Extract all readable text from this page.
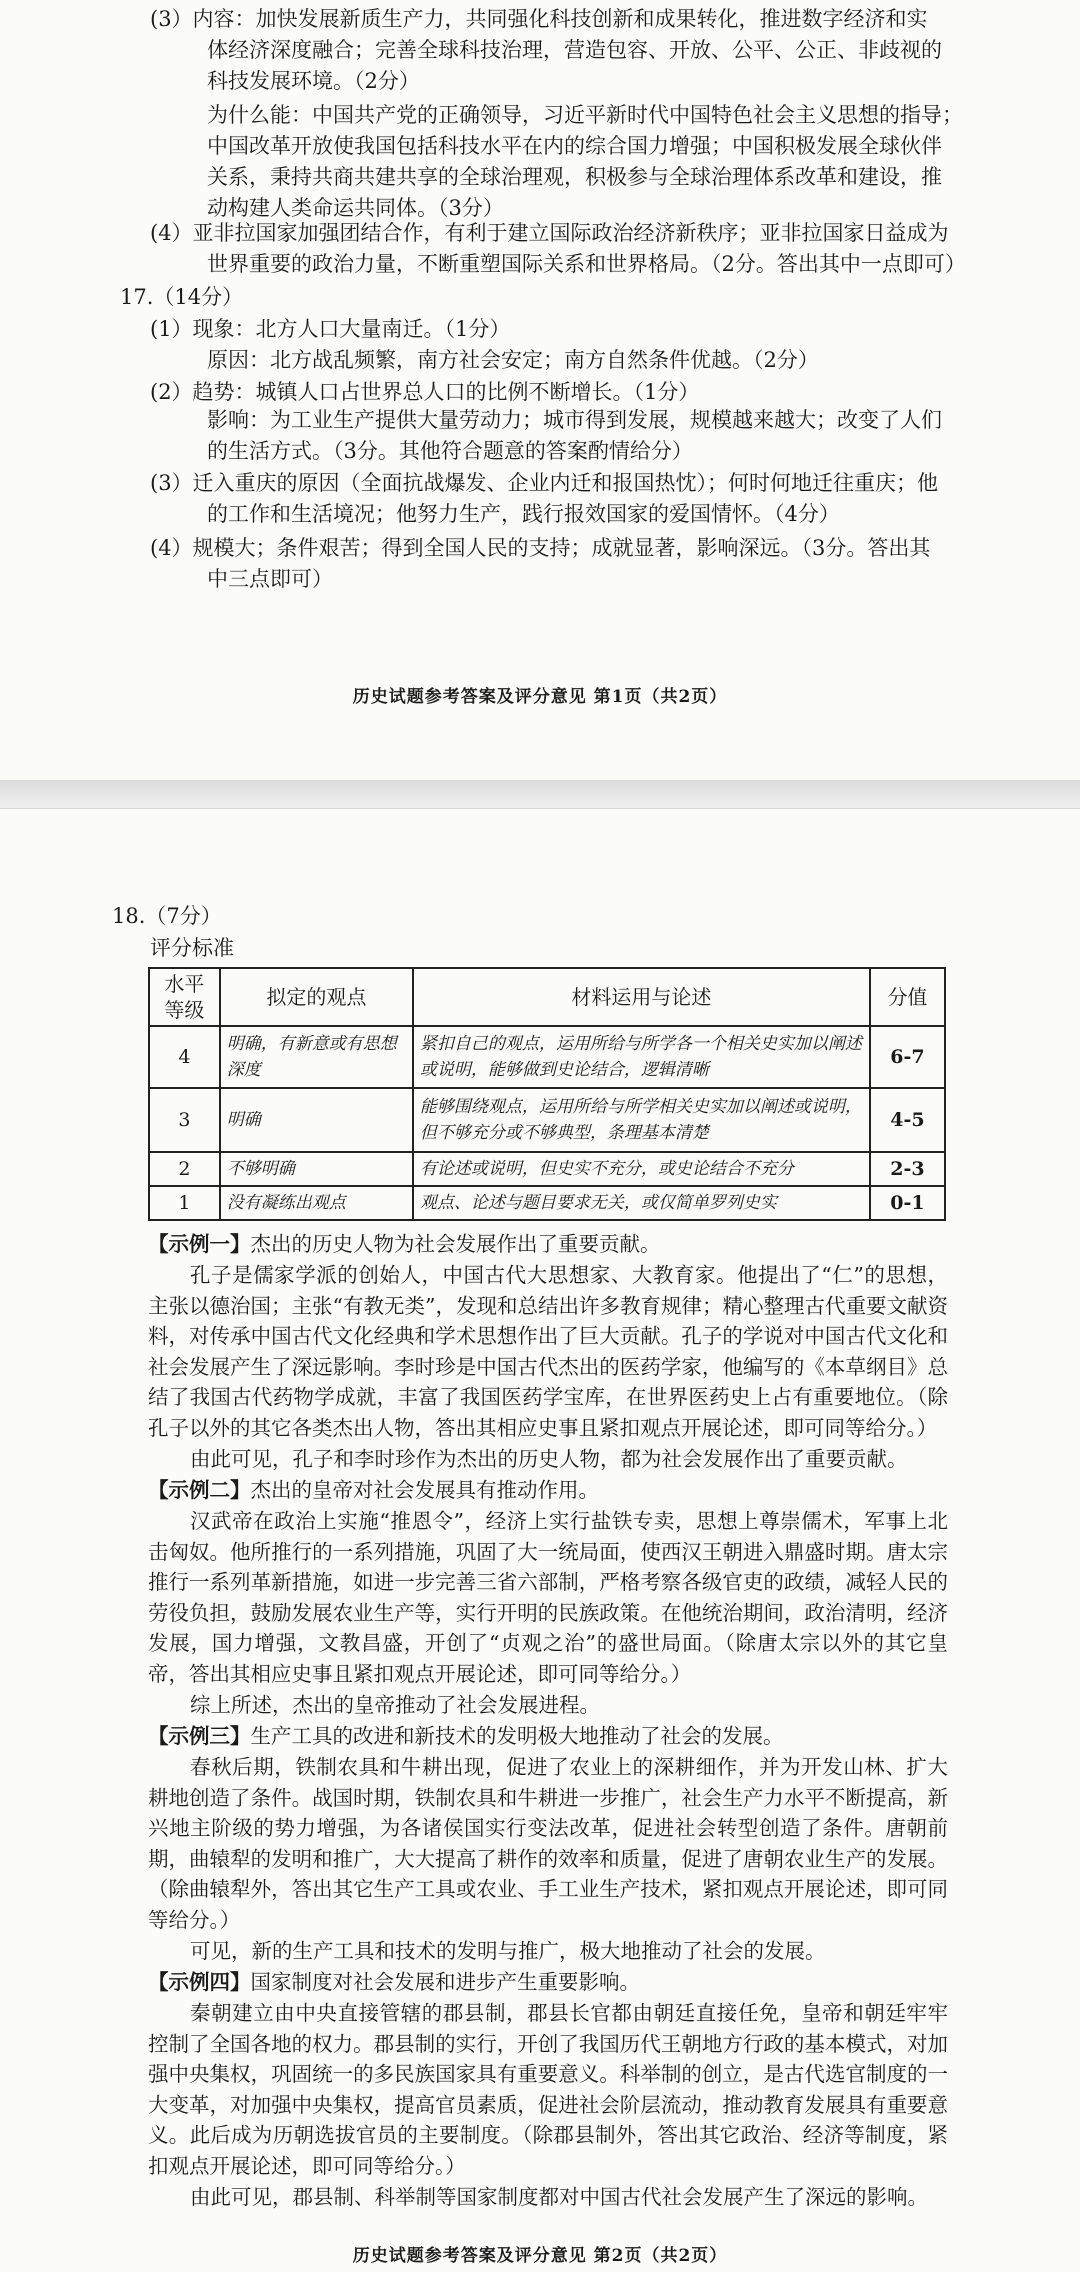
(3）内容：加快发展新质生产力，共同强化科技创新和成果转化，推进数字经济和实
体经济深度融合；完善全球科技治理，营造包容、开放、公平、公正、非歧视的
科技发展环境。（2分）
为什么能：中国共产党的正确领导，习近平新时代中国特色社会主义思想的指导；
中国改革开放使我国包括科技水平在内的综合国力增强；中国积极发展全球伙伴
关系，秉持共商共建共享的全球治理观，积极参与全球治理体系改革和建设，推
动构建人类命运共同体。（3分）
(4）亚非拉国家加强团结合作，有利于建立国际政治经济新秩序；亚非拉国家日益成为
世界重要的政治力量，不断重塑国际关系和世界格局。（2分。答出其中一点即可）
17.（14分）
(1）现象：北方人口大量南迁。（1分）
原因：北方战乱频繁，南方社会安定；南方自然条件优越。（2分）
(2）趋势：城镇人口占世界总人口的比例不断增长。（1分）
影响：为工业生产提供大量劳动力；城市得到发展，规模越来越大；改变了人们
的生活方式。（3分。其他符合题意的答案酌情给分）
(3）迁入重庆的原因（全面抗战爆发、企业内迁和报国热忱）；何时何地迁往重庆；他
的工作和生活境况；他努力生产，践行报效国家的爱国情怀。（4分）
(4）规模大；条件艰苦；得到全国人民的支持；成就显著，影响深远。（3分。答出其
中三点即可）
历史试题参考答案及评分意见 第1页（共2页）
18.（7分）
评分标准
水平等级	拟定的观点	材料运用与论述	分值
4	明确，有新意或有思想深度	紧扣自己的观点，运用所给与所学各一个相关史实加以阐述或说明，能够做到史论结合，逻辑清晰	6-7
3	明确	能够围绕观点，运用所给与所学相关史实加以阐述或说明，但不够充分或不够典型，条理基本清楚	4-5
2	不够明确	有论述或说明，但史实不充分，或史论结合不充分	2-3
1	没有凝练出观点	观点、论述与题目要求无关，或仅简单罗列史实	0-1
【示例一】杰出的历史人物为社会发展作出了重要贡献。
孔子是儒家学派的创始人，中国古代大思想家、大教育家。他提出了“仁”的思想，主张以德治国；主张“有教无类”，发现和总结出许多教育规律；精心整理古代重要文献资料，对传承中国古代文化经典和学术思想作出了巨大贡献。孔子的学说对中国古代文化和社会发展产生了深远影响。李时珍是中国古代杰出的医药学家，他编写的《本草纲目》总结了我国古代药物学成就，丰富了我国医药学宝库，在世界医药史上占有重要地位。（除孔子以外的其它各类杰出人物，答出其相应史事且紧扣观点开展论述，即可同等给分。）
由此可见，孔子和李时珍作为杰出的历史人物，都为社会发展作出了重要贡献。
【示例二】杰出的皇帝对社会发展具有推动作用。
汉武帝在政治上实施“推恩令”，经济上实行盐铁专卖，思想上尊崇儒术，军事上北击匈奴。他所推行的一系列措施，巩固了大一统局面，使西汉王朝进入鼎盛时期。唐太宗推行一系列革新措施，如进一步完善三省六部制，严格考察各级官吏的政绩，减轻人民的劳役负担，鼓励发展农业生产等，实行开明的民族政策。在他统治期间，政治清明，经济发展，国力增强，文教昌盛，开创了“贞观之治”的盛世局面。（除唐太宗以外的其它皇帝，答出其相应史事且紧扣观点开展论述，即可同等给分。）
综上所述，杰出的皇帝推动了社会发展进程。
【示例三】生产工具的改进和新技术的发明极大地推动了社会的发展。
春秋后期，铁制农具和牛耕出现，促进了农业上的深耕细作，并为开发山林、扩大耕地创造了条件。战国时期，铁制农具和牛耕进一步推广，社会生产力水平不断提高，新兴地主阶级的势力增强，为各诸侯国实行变法改革，促进社会转型创造了条件。唐朝前期，曲辕犁的发明和推广，大大提高了耕作的效率和质量，促进了唐朝农业生产的发展。（除曲辕犁外，答出其它生产工具或农业、手工业生产技术，紧扣观点开展论述，即可同等给分。）
可见，新的生产工具和技术的发明与推广，极大地推动了社会的发展。
【示例四】国家制度对社会发展和进步产生重要影响。
秦朝建立由中央直接管辖的郡县制，郡县长官都由朝廷直接任免，皇帝和朝廷牢牢控制了全国各地的权力。郡县制的实行，开创了我国历代王朝地方行政的基本模式，对加强中央集权，巩固统一的多民族国家具有重要意义。科举制的创立，是古代选官制度的一大变革，对加强中央集权，提高官员素质，促进社会阶层流动，推动教育发展具有重要意义。此后成为历朝选拔官员的主要制度。（除郡县制外，答出其它政治、经济等制度，紧扣观点开展论述，即可同等给分。）
由此可见，郡县制、科举制等国家制度都对中国古代社会发展产生了深远的影响。
历史试题参考答案及评分意见 第2页（共2页）
